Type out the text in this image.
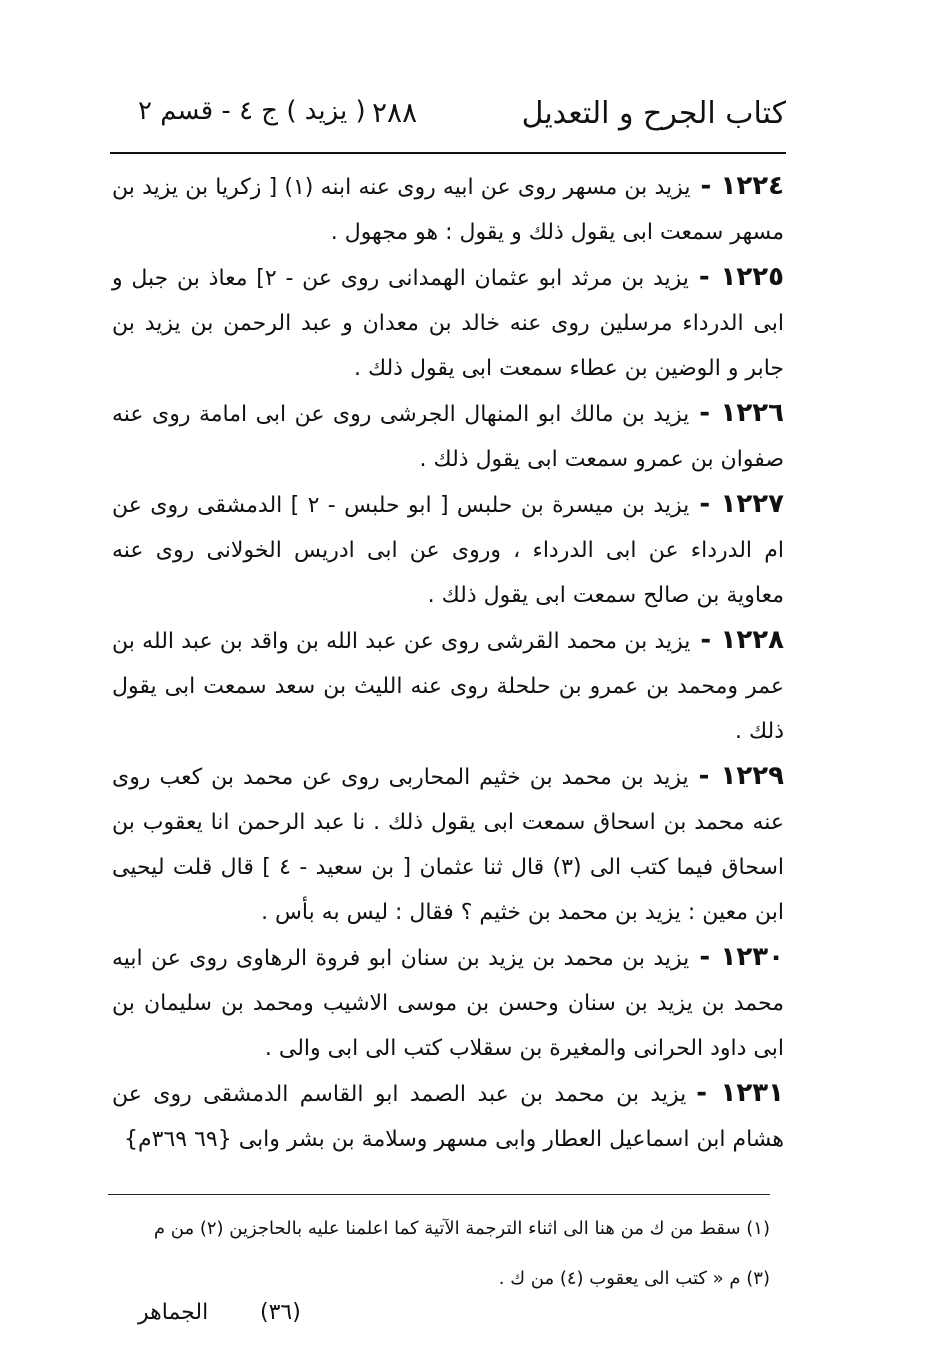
كتاب الجرح و التعديل
٢٨٨
( يزيد ) ج ٤ - قسم ٢

١٢٢٤ -يزيد بن مسهر روى عن ابيه روى عنه ابنه (١) [ زكريا بن يزيد بن مسهر سمعت ابى يقول ذلك و يقول : هو مجهول .

١٢٢٥ -يزيد بن مرثد ابو عثمان الهمدانى روى عن - ٢] معاذ بن جبل و ابى الدرداء مرسلين روى عنه خالد بن معدان و عبد الرحمن بن يزيد بن جابر و الوضين بن عطاء سمعت ابى يقول ذلك .

١٢٢٦ -يزيد بن مالك ابو المنهال الجرشى روى عن ابى امامة روى عنه صفوان بن عمرو سمعت ابى يقول ذلك .

١٢٢٧ -يزيد بن ميسرة بن حلبس [ ابو حلبس - ٢ ] الدمشقى روى عن ام الدرداء عن ابى الدرداء ، وروى عن ابى ادريس الخولانى روى عنه معاوية بن صالح سمعت ابى يقول ذلك .

١٢٢٨ -يزيد بن محمد القرشى روى عن عبد الله بن واقد بن عبد الله بن عمر ومحمد بن عمرو بن حلحلة روى عنه الليث بن سعد سمعت ابى يقول ذلك .

١٢٢٩ -يزيد بن محمد بن خثيم المحاربى روى عن محمد بن كعب روى عنه محمد بن اسحاق سمعت ابى يقول ذلك . نا عبد الرحمن انا يعقوب بن اسحاق فيما كتب الى (٣) قال ثنا عثمان [ بن سعيد - ٤ ] قال قلت ليحيى ابن معين : يزيد بن محمد بن خثيم ؟ فقال : ليس به بأس .

١٢٣٠ -يزيد بن محمد بن يزيد بن سنان ابو فروة الرهاوى روى عن ابيه محمد بن يزيد بن سنان وحسن بن موسى الاشيب ومحمد بن سليمان بن ابى داود الحرانى والمغيرة بن سقلاب كتب الى ابى والى .

١٢٣١ -يزيد بن محمد بن عبد الصمد ابو القاسم الدمشقى روى عن هشام ابن اسماعيل العطار وابى مسهر وسلامة بن بشر وابى {٦٩ ٣٦٩م}

(١) سقط من ك من هنا الى اثناء الترجمة الآتية كما اعلمنا عليه بالحاجزين (٢) من م

(٣) م « كتب الى يعقوب (٤) من ك .

(٣٦)
الجماهر
